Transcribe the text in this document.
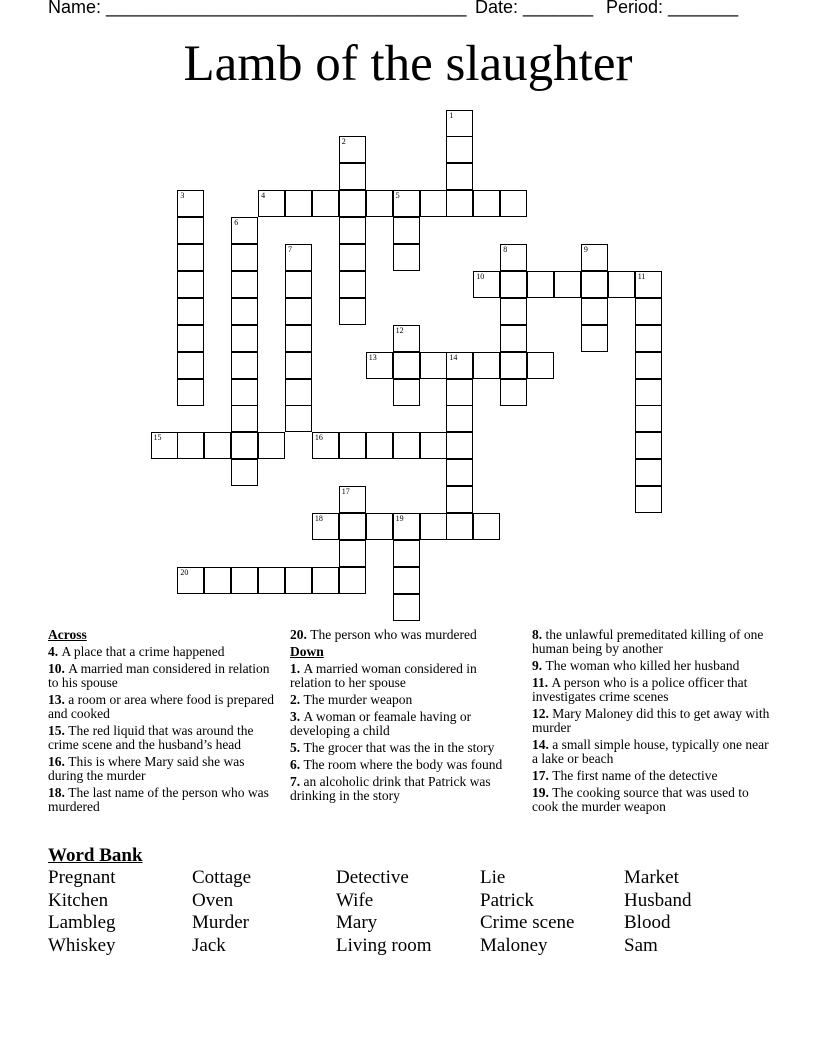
Name: ____________________________________ Date: _______ Period: _______
Lamb of the slaughter
1
2
3	4	5
6
7	8	9
10	11
12
13	14
15	16
17
18	19
20
Across
4. A place that a crime happened
10. A married man considered in relation to his spouse
13. a room or area where food is prepared and cooked
15. The red liquid that was around the crime scene and the husband’s head
16. This is where Mary said she was during the murder
18. The last name of the person who was murdered
20. The person who was murdered
Down
1. A married woman considered in relation to her spouse
2. The murder weapon
3. A woman or feamale having or developing a child
5. The grocer that was the in the story
6. The room where the body was found
7. an alcoholic drink that Patrick was drinking in the story
8. the unlawful premeditated killing of one human being by another
9. The woman who killed her husband
11. A person who is a police officer that investigates crime scenes
12. Mary Maloney did this to get away with murder
14. a small simple house, typically one near a lake or beach
17. The first name of the detective
19. The cooking source that was used to cook the murder weapon
Word Bank
Pregnant	Cottage	Detective	Lie	Market
Kitchen	Oven	Wife	Patrick	Husband
Lambleg	Murder	Mary	Crime scene	Blood
Whiskey	Jack	Living room	Maloney	Sam
